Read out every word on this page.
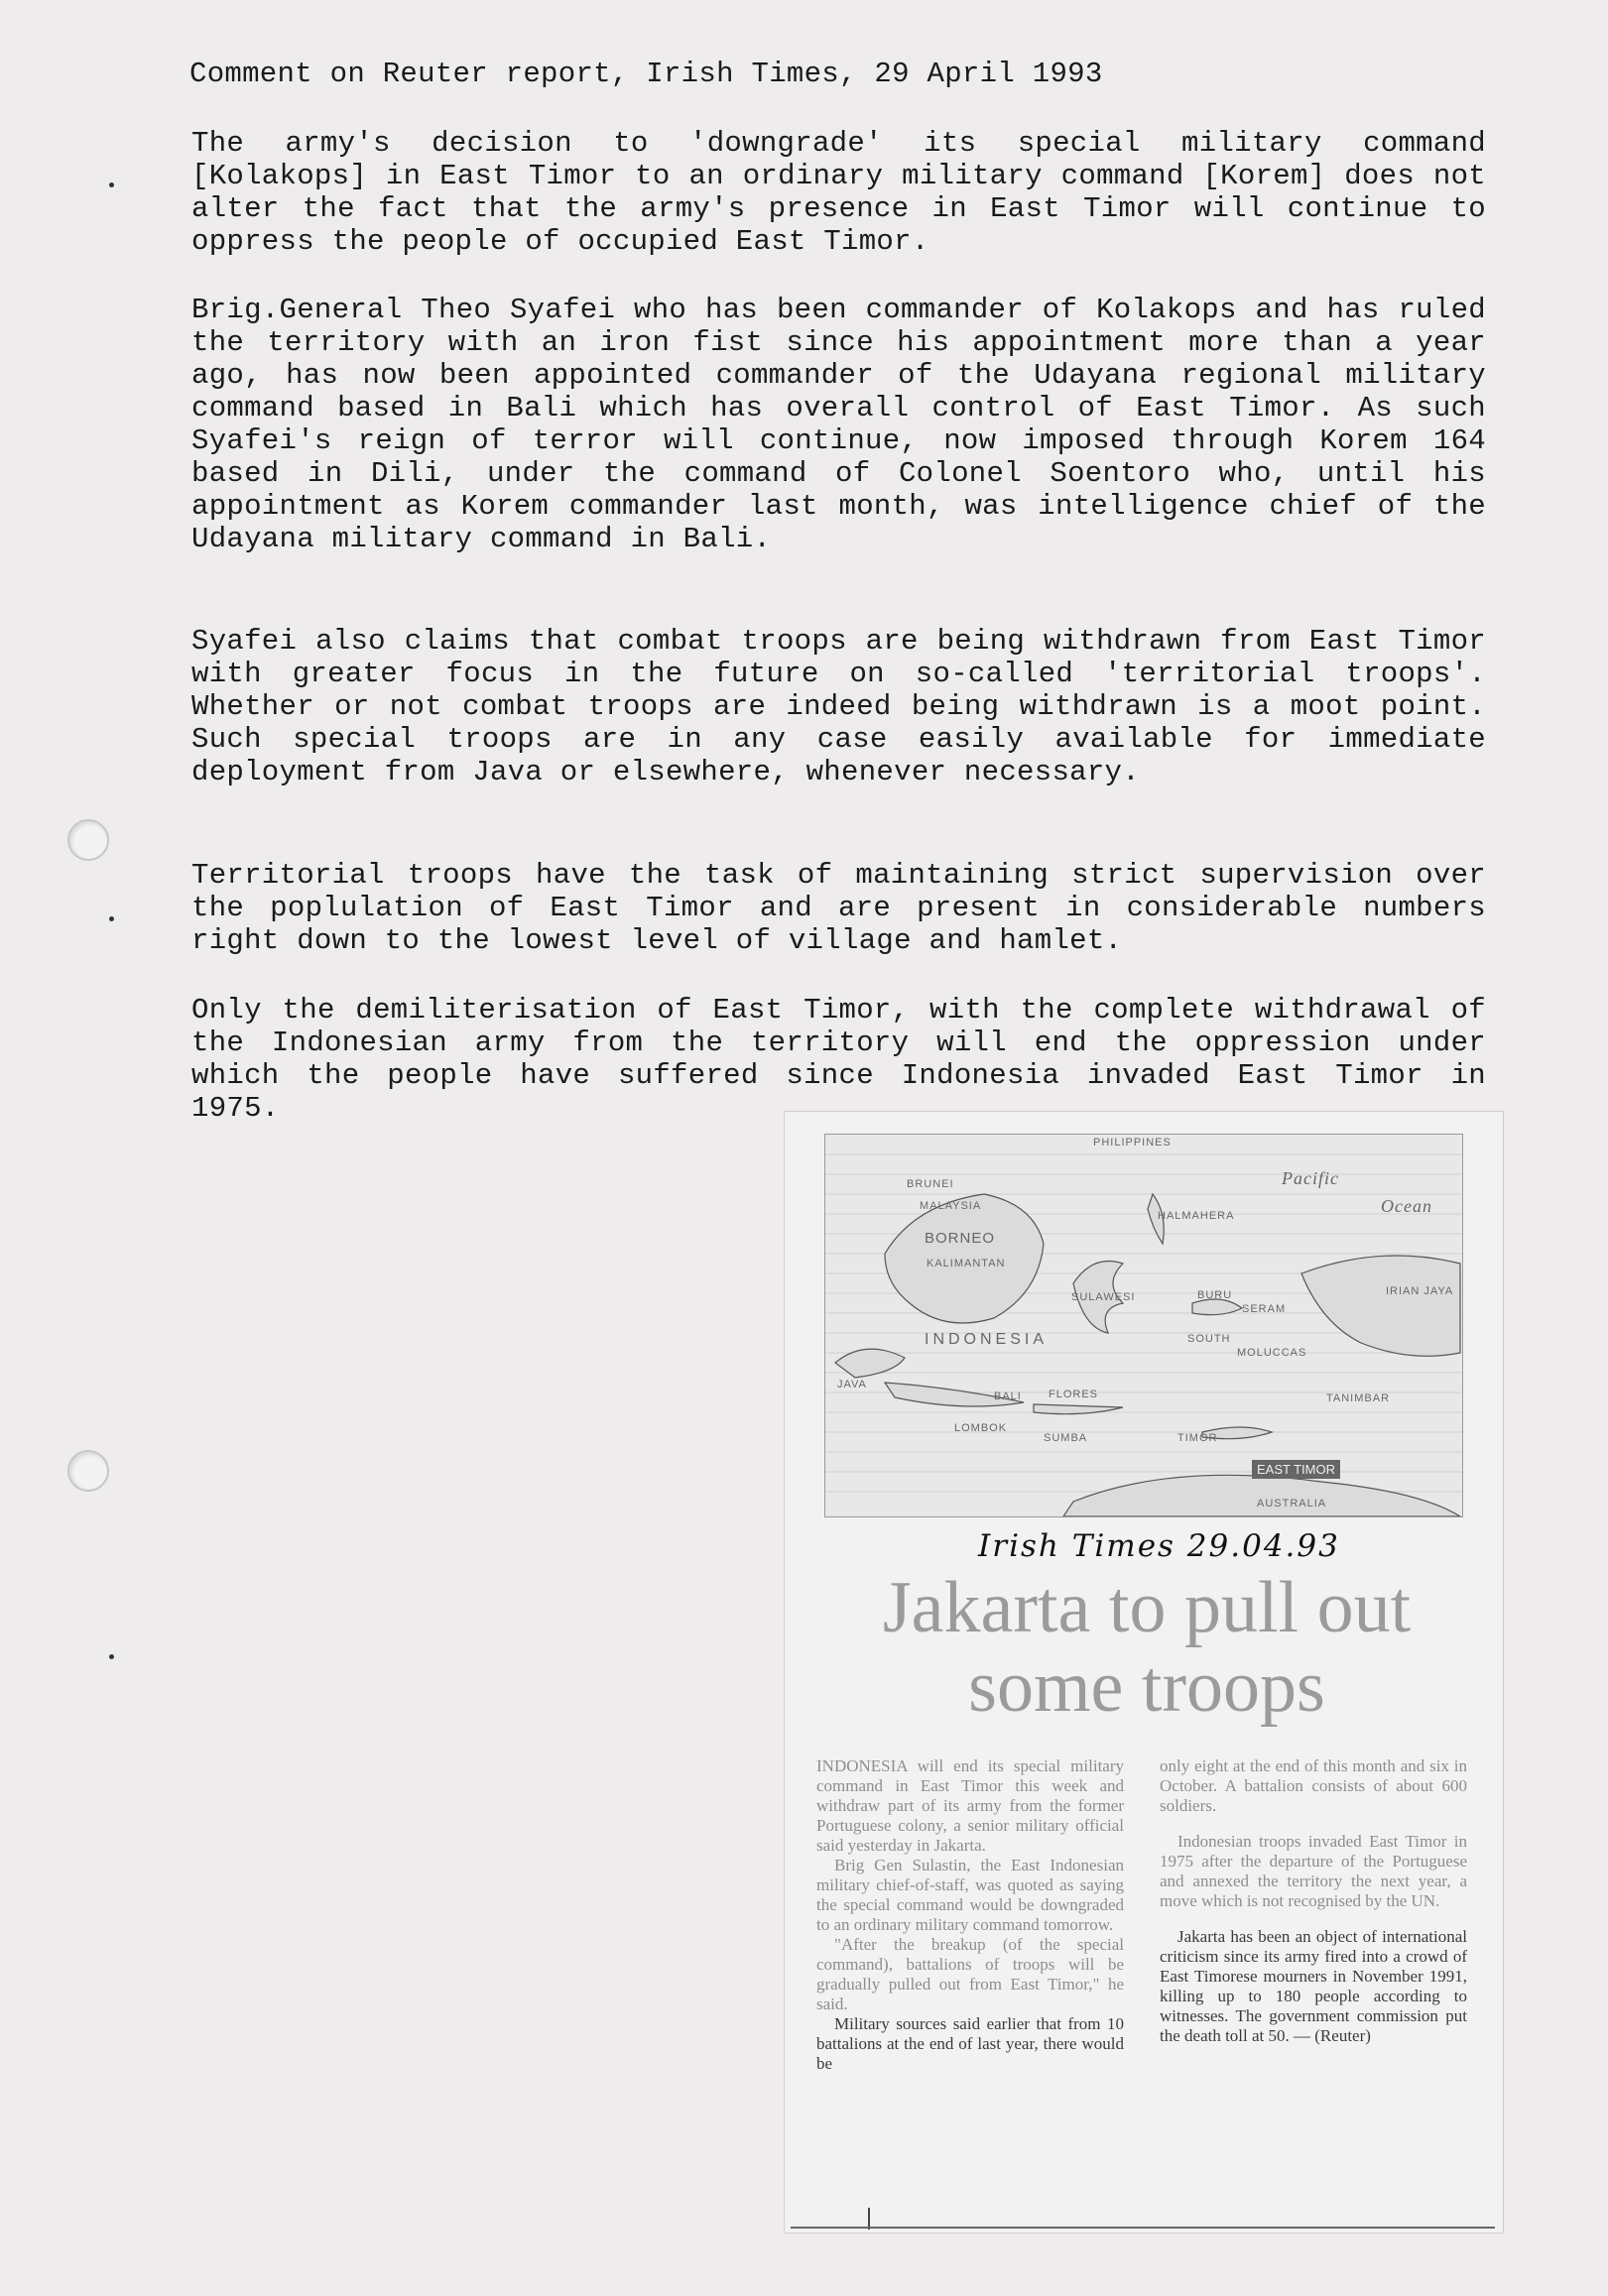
Comment on Reuter report, Irish Times, 29 April 1993
The army's decision to 'downgrade' its special military command [Kolakops] in East Timor to an ordinary military command [Korem] does not alter the fact that the army's presence in East Timor will continue to oppress the people of occupied East Timor.
Brig.General Theo Syafei who has been commander of Kolakops and has ruled the territory with an iron fist since his appointment more than a year ago, has now been appointed commander of the Udayana regional military command based in Bali which has overall control of East Timor. As such Syafei's reign of terror will continue, now imposed through Korem 164 based in Dili, under the command of Colonel Soentoro who, until his appointment as Korem commander last month, was intelligence chief of the Udayana military command in Bali.
Syafei also claims that combat troops are being withdrawn from East Timor with greater focus in the future on so-called 'territorial troops'. Whether or not combat troops are indeed being withdrawn is a moot point. Such special troops are in any case easily available for immediate deployment from Java or elsewhere, whenever necessary.
Territorial troops have the task of maintaining strict supervision over the poplulation of East Timor and are present in considerable numbers right down to the lowest level of village and hamlet.
Only the demiliterisation of East Timor, with the complete withdrawal of the Indonesian army from the territory will end the oppression under which the people have suffered since Indonesia invaded East Timor in 1975.
PHILIPPINES
BRUNEI
MALAYSIA
BORNEO
KALIMANTAN
Pacific
Ocean
HALMAHERA
SULAWESI	BURU
SERAM
IRIAN JAYA
INDONESIA	SOUTH
MOLUCCAS
JAVA
BALI
LOMBOK
SUMBA
FLORES	TANIMBAR
TIMOR
EAST TIMOR
AUSTRALIA
Irish Times 29.04.93
Jakarta to pull out some troops

INDONESIA will end its special military command in East Timor this week and withdraw part of its army from the former Portuguese colony, a senior military official said yesterday in Jakarta.

Brig Gen Sulastin, the East Indonesian military chief-of-staff, was quoted as saying the special command would be downgraded to an ordinary military command tomorrow.

"After the breakup (of the special command), battalions of troops will be gradually pulled out from East Timor," he said.

Military sources said earlier that from 10 battalions at the end of last year, there would be

only eight at the end of this month and six in October. A battalion consists of about 600 soldiers.

Indonesian troops invaded East Timor in 1975 after the departure of the Portuguese and annexed the territory the next year, a move which is not recognised by the UN.

Jakarta has been an object of international criticism since its army fired into a crowd of East Timorese mourners in November 1991, killing up to 180 people according to witnesses. The government commission put the death toll at 50. — (Reuter)
